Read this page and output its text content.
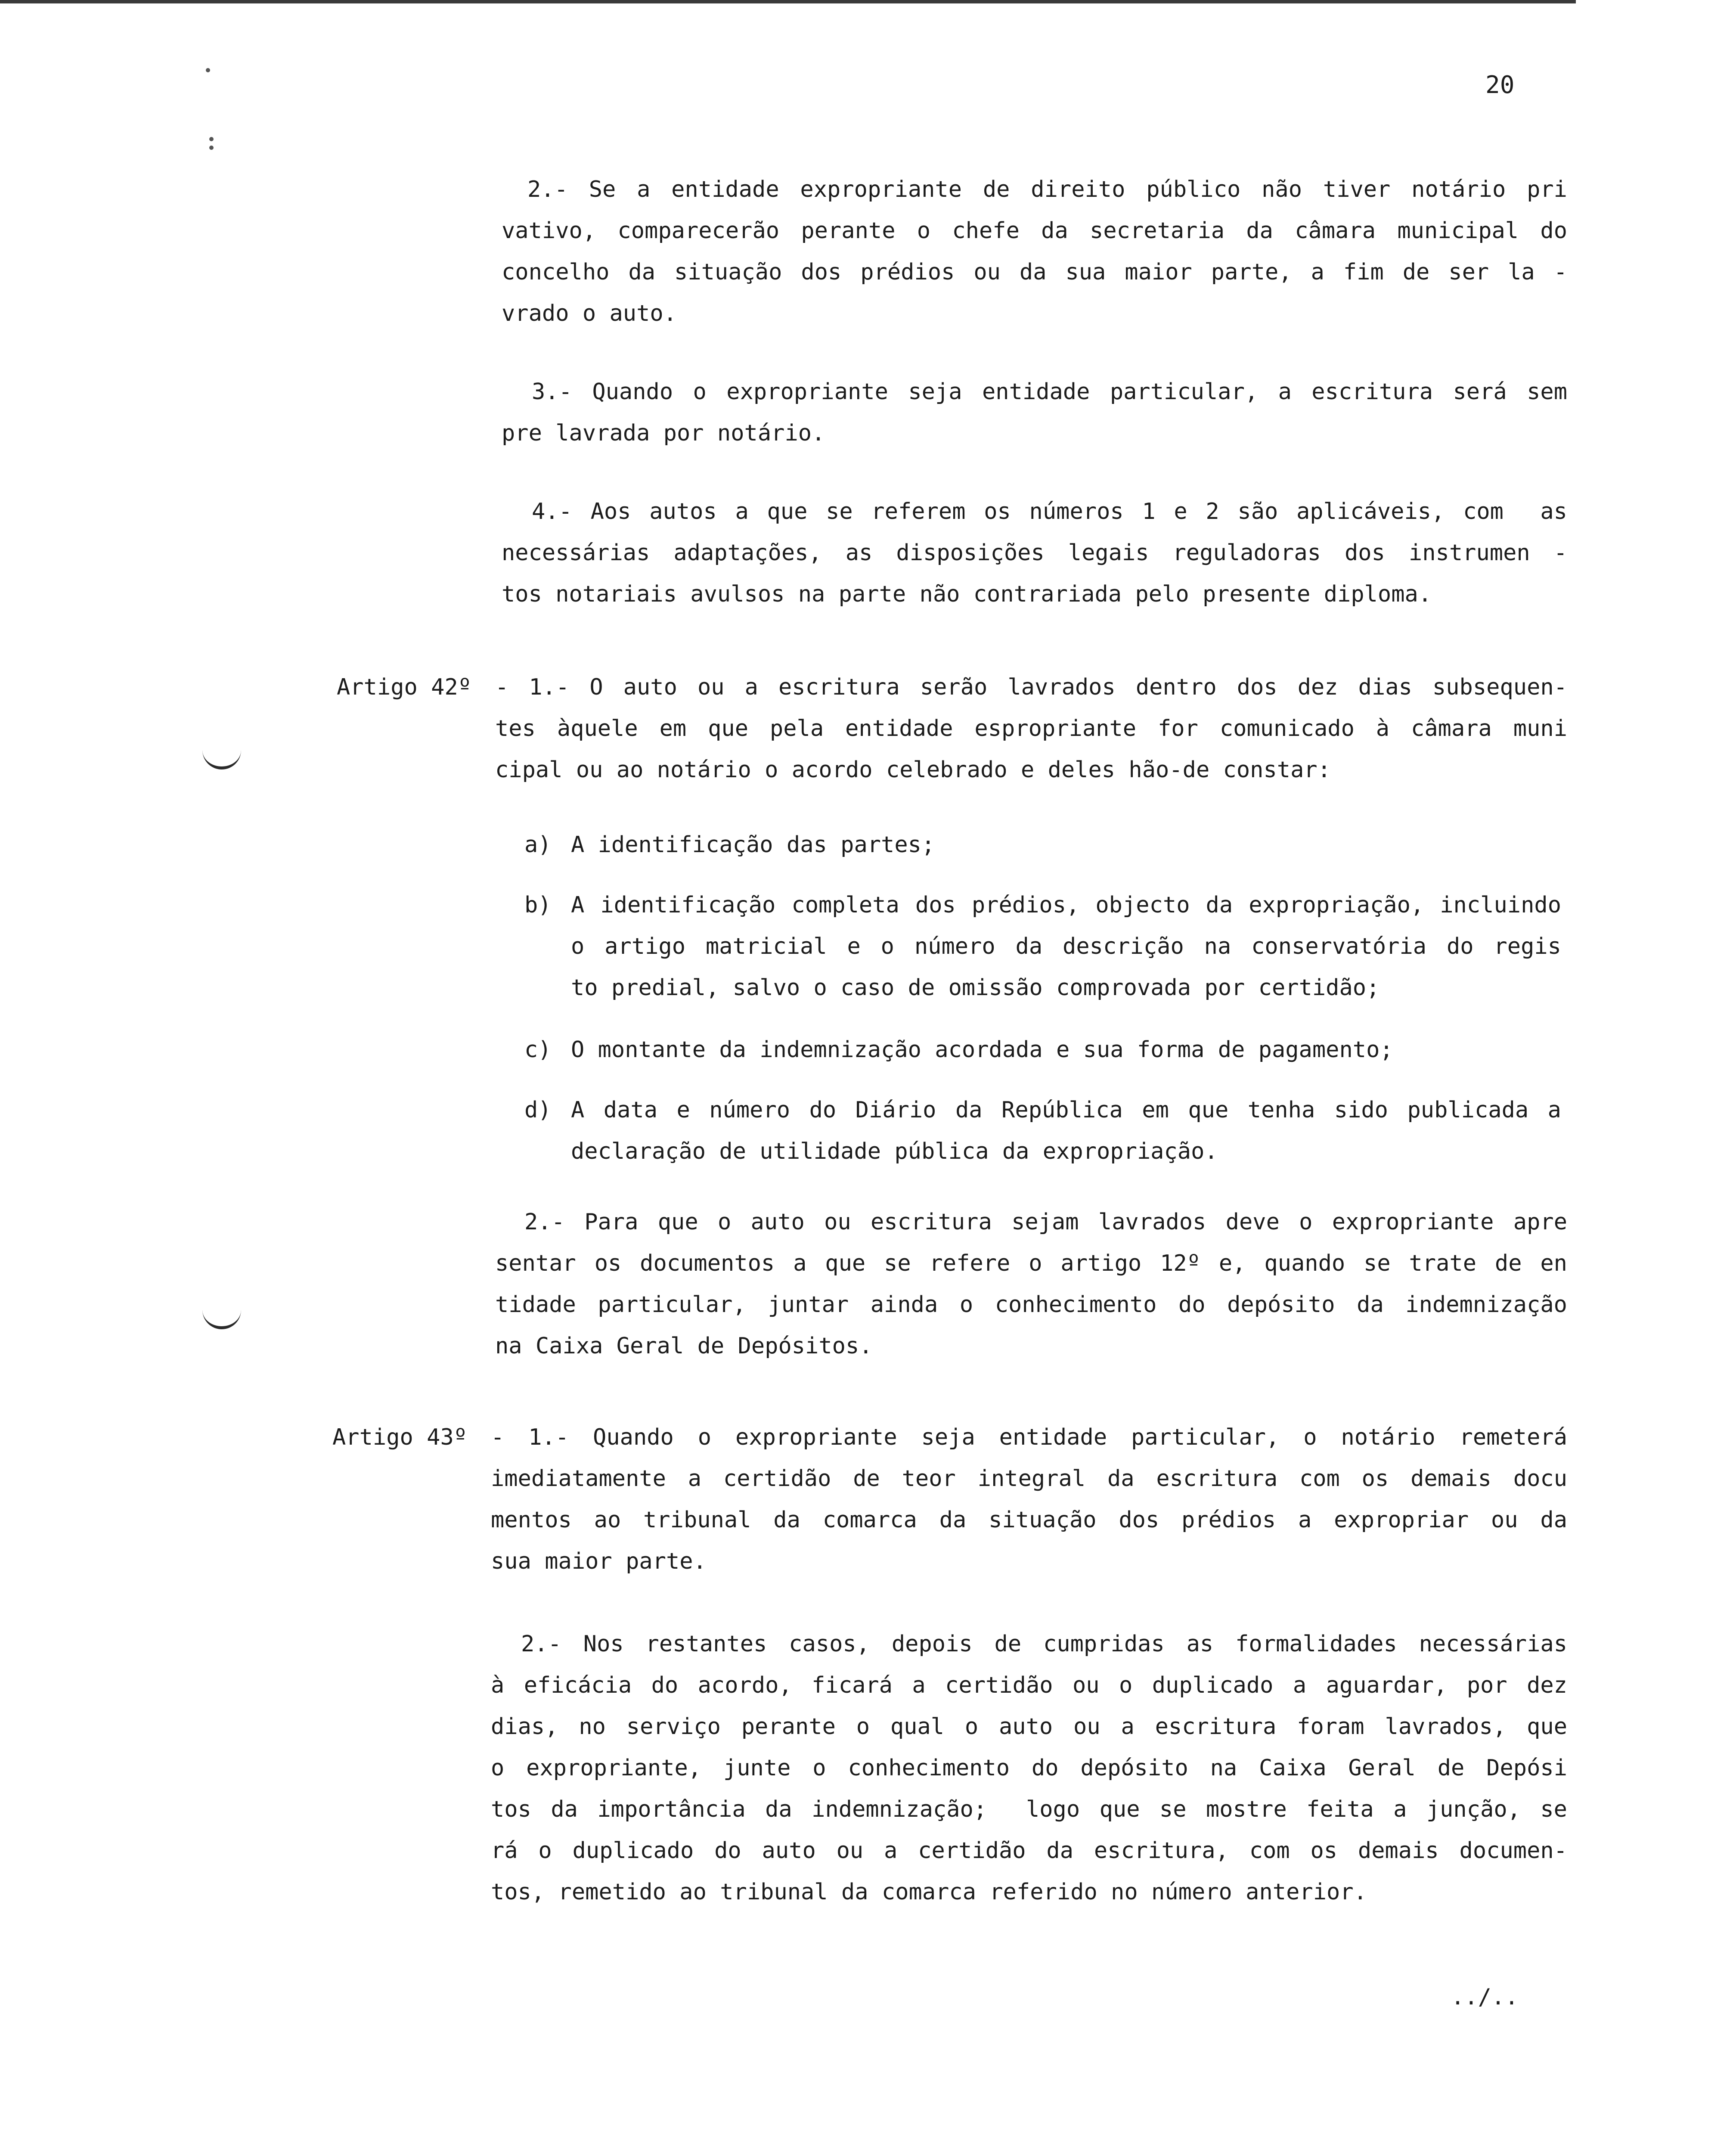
20
2.- Se a entidade expropriante de direito público não tiver notário pri
vativo, comparecerão perante o chefe da secretaria da câmara municipal do
concelho da situação dos prédios ou da sua maior parte, a fim de ser la -
vrado o auto.
3.- Quando o expropriante seja entidade particular, a escritura será sem
pre lavrada por notário.
4.- Aos autos a que se referem os números 1 e 2 são aplicáveis, com  as
necessárias adaptações, as disposições legais reguladoras dos instrumen -
tos notariais avulsos na parte não contrariada pelo presente diploma.
Artigo 42º - 1.- O auto ou a escritura serão lavrados dentro dos dez dias subsequen-
tes àquele em que pela entidade espropriante for comunicado à câmara muni
cipal ou ao notário o acordo celebrado e deles hão-de constar:
a) A identificação das partes;
b) A identificação completa dos prédios, objecto da expropriação, incluindo
o artigo matricial e o número da descrição na conservatória do regis
to predial, salvo o caso de omissão comprovada por certidão;
c) O montante da indemnização acordada e sua forma de pagamento;
d) A data e número do Diário da República em que tenha sido publicada a
declaração de utilidade pública da expropriação.
2.- Para que o auto ou escritura sejam lavrados deve o expropriante apre
sentar os documentos a que se refere o artigo 12º e, quando se trate de en
tidade particular, juntar ainda o conhecimento do depósito da indemnização
na Caixa Geral de Depósitos.
Artigo 43º - 1.- Quando o expropriante seja entidade particular, o notário remeterá
imediatamente a certidão de teor integral da escritura com os demais docu
mentos ao tribunal da comarca da situação dos prédios a expropriar ou da
sua maior parte.
2.- Nos restantes casos, depois de cumpridas as formalidades necessárias
à eficácia do acordo, ficará a certidão ou o duplicado a aguardar, por dez
dias, no serviço perante o qual o auto ou a escritura foram lavrados, que
o expropriante, junte o conhecimento do depósito na Caixa Geral de Depósi
tos da importância da indemnização;  logo que se mostre feita a junção, se
rá o duplicado do auto ou a certidão da escritura, com os demais documen-
tos, remetido ao tribunal da comarca referido no número anterior.
../..
